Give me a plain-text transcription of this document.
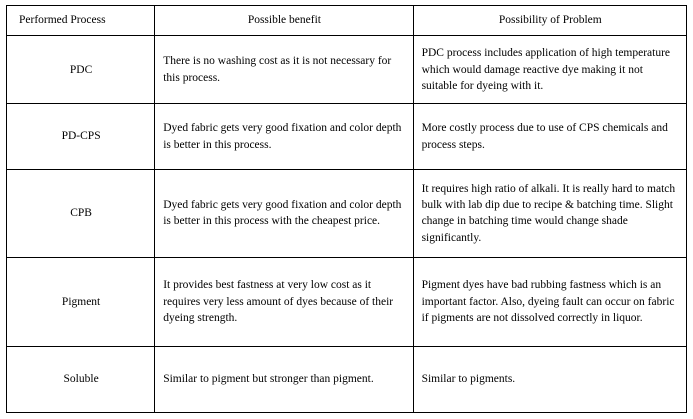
Performed Process	Possible benefit	Possibility of Problem

PDC	There is no washing cost as it is not necessary for this process.	PDC process includes application of high temperature which would damage reactive dye making it not suitable for dyeing with it.

PD-CPS	Dyed fabric gets very good fixation and color depth is better in this process.	More costly process due to use of CPS chemicals and process steps.

CPB	Dyed fabric gets very good fixation and color depth is better in this process with the cheapest price.	It requires high ratio of alkali. It is really hard to match bulk with lab dip due to recipe & batching time. Slight change in batching time would change shade significantly.

Pigment	It provides best fastness at very low cost as it requires very less amount of dyes because of their dyeing strength.	Pigment dyes have bad rubbing fastness which is an important factor. Also, dyeing fault can occur on fabric if pigments are not dissolved correctly in liquor.

Soluble	Similar to pigment but stronger than pigment.	Similar to pigments.
